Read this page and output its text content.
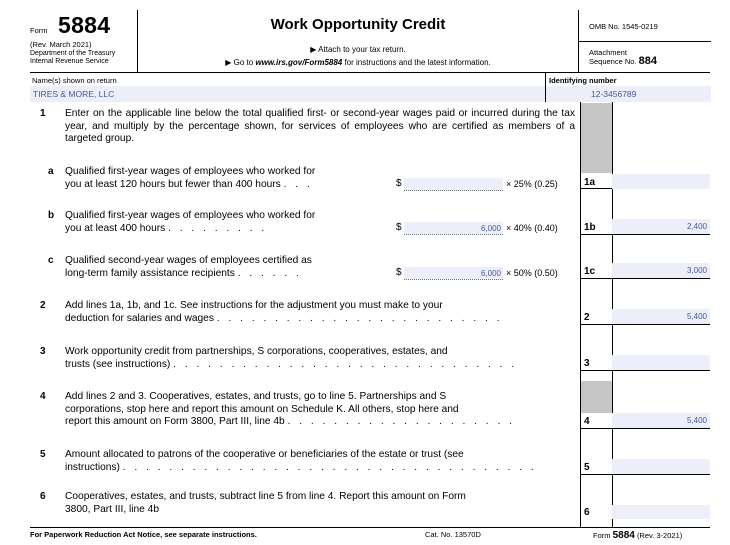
Form 5884
(Rev. March 2021)
Department of the Treasury Internal Revenue Service
Work Opportunity Credit
▶ Attach to your tax return.
▶ Go to www.irs.gov/Form5884 for instructions and the latest information.
OMB No. 1545-0219
Attachment
Sequence No. 884
Name(s) shown on return
TIRES & MORE, LLC
Identifying number
12-3456789
1 Enter on the applicable line below the total qualified first- or second-year wages paid or incurred during the tax year, and multiply by the percentage shown, for services of employees who are certified as members of a targeted group.
a Qualified first-year wages of employees who worked for
you at least 120 hours but fewer than 400 hours . . .	$	× 25% (0.25)	1a
b Qualified first-year wages of employees who worked for
you at least 400 hours . . . . . . . . .	$	6,000 × 40% (0.40)	1b	2,400
c Qualified second-year wages of employees certified as
long-term family assistance recipients . . . . . .	$	6,000 × 50% (0.50)	1c	3,000
2 Add lines 1a, 1b, and 1c. See instructions for the adjustment you must make to your
deduction for salaries and wages . . . . . . . . . . . . . . . . . . . . . . . . .	2	5,400
3 Work opportunity credit from partnerships, S corporations, cooperatives, estates, and
trusts (see instructions) . . . . . . . . . . . . . . . . . . . . . . . . . . . . . .	3
4 Add lines 2 and 3. Cooperatives, estates, and trusts, go to line 5. Partnerships and S
corporations, stop here and report this amount on Schedule K. All others, stop here and
report this amount on Form 3800, Part III, line 4b . . . . . . . . . . . . . . . . . . . .	4	5,400
5 Amount allocated to patrons of the cooperative or beneficiaries of the estate or trust (see
instructions) . . . . . . . . . . . . . . . . . . . . . . . . . . . . . . . . . . . .	5
6 Cooperatives, estates, and trusts, subtract line 5 from line 4. Report this amount on Form
3800, Part III, line 4b	6
For Paperwork Reduction Act Notice, see separate instructions.	Cat. No. 13570D	Form 5884 (Rev. 3-2021)
